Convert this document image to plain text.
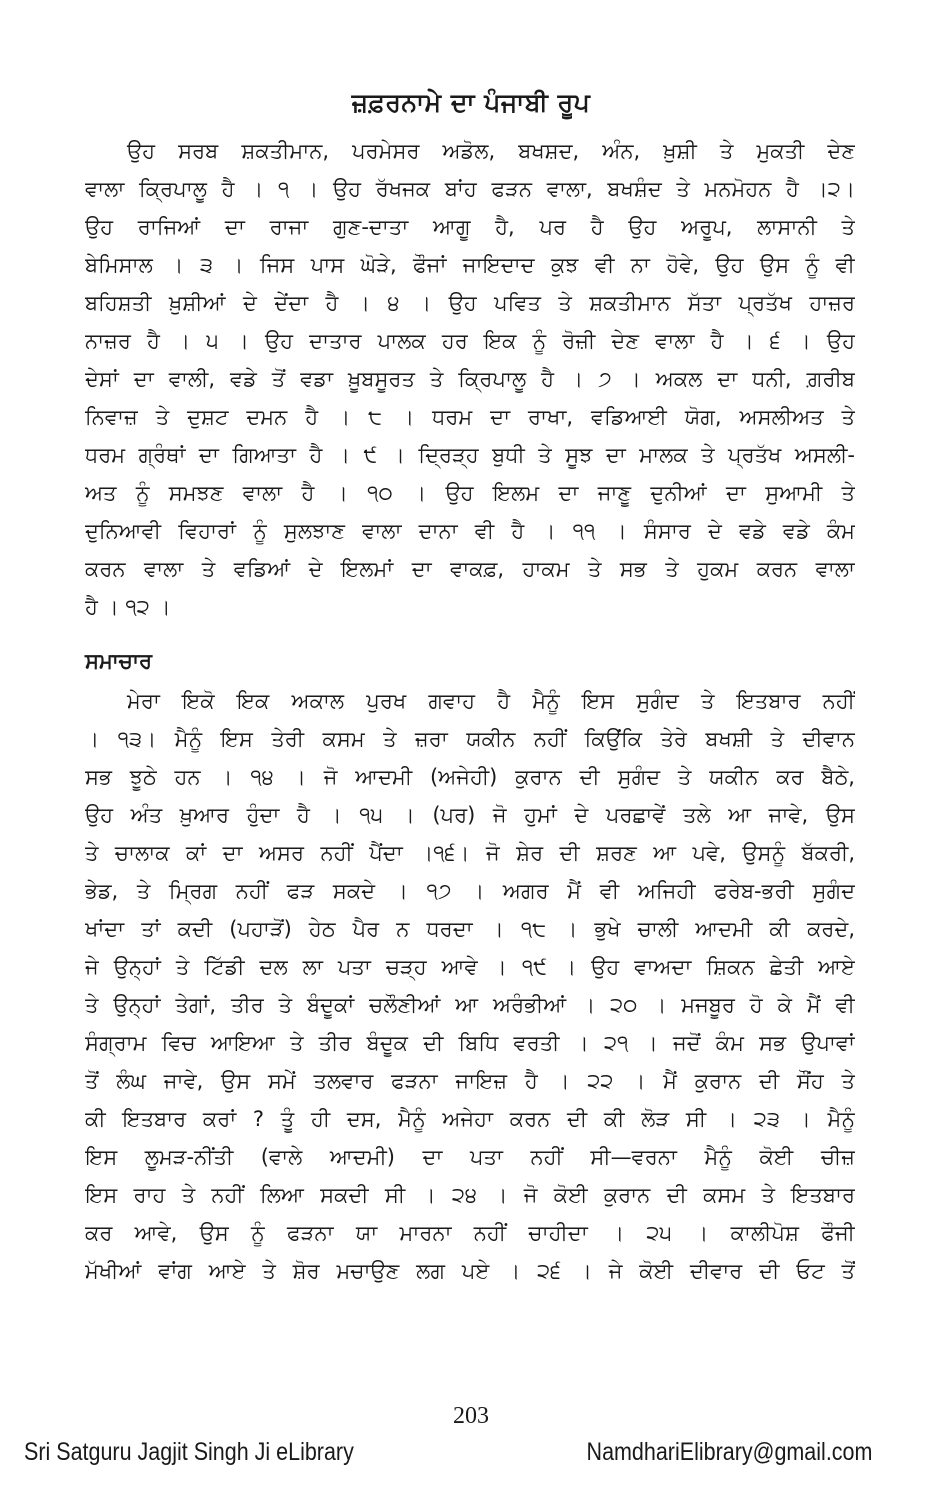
ਜ਼ਫ਼ਰਨਾਮੇ ਦਾ ਪੰਜਾਬੀ ਰੂਪ
ਉਹ ਸਰਬ ਸ਼ਕਤੀਮਾਨ, ਪਰਮੇਸਰ ਅਡੋਲ, ਬਖਸ਼ਦ, ਅੰਨ, ਖ਼ੁਸ਼ੀ ਤੇ ਮੁਕਤੀ ਦੇਣ
ਵਾਲਾ ਕ੍ਰਿਪਾਲੂ ਹੈ । ੧ । ਉਹ ਰੱਖਜਕ ਬਾਂਹ ਫੜਨ ਵਾਲਾ, ਬਖਸ਼ੰਦ ਤੇ ਮਨਮੋਹਨ ਹੈ ।੨।
ਉਹ ਰਾਜਿਆਂ ਦਾ ਰਾਜਾ ਗੁਣ-ਦਾਤਾ ਆਗੂ ਹੈ, ਪਰ ਹੈ ਉਹ ਅਰੂਪ, ਲਾਸਾਨੀ ਤੇ
ਬੇਮਿਸਾਲ । ੩ । ਜਿਸ ਪਾਸ ਘੋੜੇ, ਫੌਜਾਂ ਜਾਇਦਾਦ ਕੁਝ ਵੀ ਨਾ ਹੋਵੇ, ਉਹ ਉਸ ਨੂੰ ਵੀ
ਬਹਿਸ਼ਤੀ ਖ਼ੁਸ਼ੀਆਂ ਦੇ ਦੇਂਦਾ ਹੈ । ੪ । ਉਹ ਪਵਿਤ ਤੇ ਸ਼ਕਤੀਮਾਨ ਸੱਤਾ ਪ੍ਰਤੱਖ ਹਾਜ਼ਰ
ਨਾਜ਼ਰ ਹੈ । ੫ । ਉਹ ਦਾਤਾਰ ਪਾਲਕ ਹਰ ਇਕ ਨੂੰ ਰੋਜ਼ੀ ਦੇਣ ਵਾਲਾ ਹੈ । ੬ । ਉਹ
ਦੇਸਾਂ ਦਾ ਵਾਲੀ, ਵਡੇ ਤੋਂ ਵਡਾ ਖ਼ੂਬਸੂਰਤ ਤੇ ਕ੍ਰਿਪਾਲੂ ਹੈ । ੭ । ਅਕਲ ਦਾ ਧਨੀ, ਗ਼ਰੀਬ
ਨਿਵਾਜ਼ ਤੇ ਦੁਸ਼ਟ ਦਮਨ ਹੈ । ੮ । ਧਰਮ ਦਾ ਰਾਖਾ, ਵਡਿਆਈ ਯੋਗ, ਅਸਲੀਅਤ ਤੇ
ਧਰਮ ਗ੍ਰੰਥਾਂ ਦਾ ਗਿਆਤਾ ਹੈ । ੯ । ਦ੍ਰਿੜ੍ਹ ਬੁਧੀ ਤੇ ਸੂਝ ਦਾ ਮਾਲਕ ਤੇ ਪ੍ਰਤੱਖ ਅਸਲੀ-
ਅਤ ਨੂੰ ਸਮਝਣ ਵਾਲਾ ਹੈ । ੧੦ । ਉਹ ਇਲਮ ਦਾ ਜਾਣੂ ਦੁਨੀਆਂ ਦਾ ਸੁਆਮੀ ਤੇ
ਦੁਨਿਆਵੀ ਵਿਹਾਰਾਂ ਨੂੰ ਸੁਲਝਾਣ ਵਾਲਾ ਦਾਨਾ ਵੀ ਹੈ । ੧੧ । ਸੰਸਾਰ ਦੇ ਵਡੇ ਵਡੇ ਕੰਮ
ਕਰਨ ਵਾਲਾ ਤੇ ਵਡਿਆਂ ਦੇ ਇਲਮਾਂ ਦਾ ਵਾਕਫ਼, ਹਾਕਮ ਤੇ ਸਭ ਤੇ ਹੁਕਮ ਕਰਨ ਵਾਲਾ
ਹੈ । ੧੨ ।
ਸਮਾਚਾਰ
ਮੇਰਾ ਇਕੋ ਇਕ ਅਕਾਲ ਪੁਰਖ ਗਵਾਹ ਹੈ ਮੈਨੂੰ ਇਸ ਸੁਗੰਦ ਤੇ ਇਤਬਾਰ ਨਹੀਂ
। ੧੩। ਮੈਨੂੰ ਇਸ ਤੇਰੀ ਕਸਮ ਤੇ ਜ਼ਰਾ ਯਕੀਨ ਨਹੀਂ ਕਿਉਂਕਿ ਤੇਰੇ ਬਖਸ਼ੀ ਤੇ ਦੀਵਾਨ
ਸਭ ਝੂਠੇ ਹਨ । ੧੪ । ਜੋ ਆਦਮੀ (ਅਜੇਹੀ) ਕੁਰਾਨ ਦੀ ਸੁਗੰਦ ਤੇ ਯਕੀਨ ਕਰ ਬੈਠੇ,
ਉਹ ਅੰਤ ਖ਼ੁਆਰ ਹੁੰਦਾ ਹੈ । ੧੫ । (ਪਰ) ਜੋ ਹੁਮਾਂ ਦੇ ਪਰਛਾਵੇਂ ਤਲੇ ਆ ਜਾਵੇ, ਉਸ
ਤੇ ਚਾਲਾਕ ਕਾਂ ਦਾ ਅਸਰ ਨਹੀਂ ਪੈਂਦਾ ।੧੬। ਜੋ ਸ਼ੇਰ ਦੀ ਸ਼ਰਣ ਆ ਪਵੇ, ਉਸਨੂੰ ਬੱਕਰੀ,
ਭੇਡ, ਤੇ ਮ੍ਰਿਗ ਨਹੀਂ ਫੜ ਸਕਦੇ । ੧੭ । ਅਗਰ ਮੈਂ ਵੀ ਅਜਿਹੀ ਫਰੇਬ-ਭਰੀ ਸੁਗੰਦ
ਖਾਂਦਾ ਤਾਂ ਕਦੀ (ਪਹਾੜੋਂ) ਹੇਠ ਪੈਰ ਨ ਧਰਦਾ । ੧੮ । ਭੁਖੇ ਚਾਲੀ ਆਦਮੀ ਕੀ ਕਰਦੇ,
ਜੇ ਉਨ੍ਹਾਂ ਤੇ ਟਿੱਡੀ ਦਲ ਲਾ ਪਤਾ ਚੜ੍ਹ ਆਵੇ । ੧੯ । ਉਹ ਵਾਅਦਾ ਸ਼ਿਕਨ ਛੇਤੀ ਆਏ
ਤੇ ਉਨ੍ਹਾਂ ਤੇਗਾਂ, ਤੀਰ ਤੇ ਬੰਦੂਕਾਂ ਚਲੌਣੀਆਂ ਆ ਅਰੰਭੀਆਂ । ੨੦ । ਮਜਬੂਰ ਹੋ ਕੇ ਮੈਂ ਵੀ
ਸੰਗ੍ਰਾਮ ਵਿਚ ਆਇਆ ਤੇ ਤੀਰ ਬੰਦੂਕ ਦੀ ਬਿਧਿ ਵਰਤੀ । ੨੧ । ਜਦੋਂ ਕੰਮ ਸਭ ਉਪਾਵਾਂ
ਤੋਂ ਲੰਘ ਜਾਵੇ, ਉਸ ਸਮੇਂ ਤਲਵਾਰ ਫੜਨਾ ਜਾਇਜ਼ ਹੈ । ੨੨ । ਮੈਂ ਕੁਰਾਨ ਦੀ ਸੌਂਹ ਤੇ
ਕੀ ਇਤਬਾਰ ਕਰਾਂ ? ਤੂੰ ਹੀ ਦਸ, ਮੈਨੂੰ ਅਜੇਹਾ ਕਰਨ ਦੀ ਕੀ ਲੋੜ ਸੀ । ੨੩ । ਮੈਨੂੰ
ਇਸ ਲੂਮੜ-ਨੀਂਤੀ (ਵਾਲੇ ਆਦਮੀ) ਦਾ ਪਤਾ ਨਹੀਂ ਸੀ—ਵਰਨਾ ਮੈਨੂੰ ਕੋਈ ਚੀਜ਼
ਇਸ ਰਾਹ ਤੇ ਨਹੀਂ ਲਿਆ ਸਕਦੀ ਸੀ । ੨੪ । ਜੋ ਕੋਈ ਕੁਰਾਨ ਦੀ ਕਸਮ ਤੇ ਇਤਬਾਰ
ਕਰ ਆਵੇ, ਉਸ ਨੂੰ ਫੜਨਾ ਯਾ ਮਾਰਨਾ ਨਹੀਂ ਚਾਹੀਦਾ । ੨੫ । ਕਾਲੀਪੋਸ਼ ਫੌਜੀ
ਮੱਖੀਆਂ ਵਾਂਗ ਆਏ ਤੇ ਸ਼ੋਰ ਮਚਾਉਣ ਲਗ ਪਏ । ੨੬ । ਜੇ ਕੋਈ ਦੀਵਾਰ ਦੀ ਓਟ ਤੋਂ
203
Sri Satguru Jagjit Singh Ji eLibrary	NamdhariElibrary@gmail.com
